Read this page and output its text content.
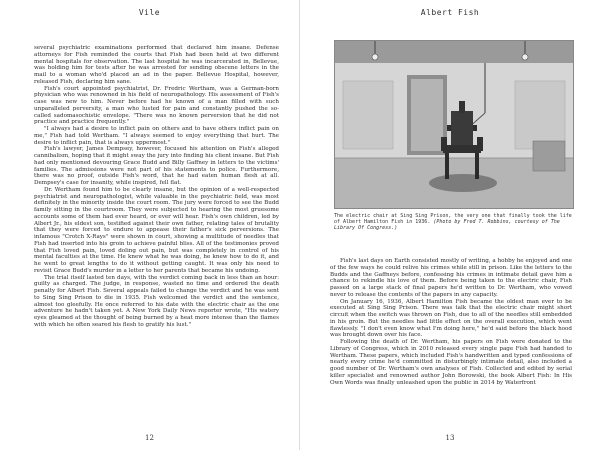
Vile

several psychiatric examinations performed that declared him insane. Defense attorneys for Fish reminded the courts that Fish had been held at two different mental hospitals for observation. The last hospital he was incarcerated in, Bellevue, was holding him for tests after he was arrested for sending obscene letters in the mail to a woman who'd placed an ad in the paper. Bellevue Hospital, however, released Fish, declaring him sane.

Fish's court appointed psychiatrist, Dr. Fredric Wertham, was a German-born physician who was renowned in his field of neuropathology. His assessment of Fish's case was new to him. Never before had he known of a man filled with such unparalleled perversity, a man who lusted for pain and constantly pushed the so-called sadomasochistic envelope. "There was no known perversion that he did not practice and practice frequently."

"I always had a desire to inflict pain on others and to have others inflict pain on me," Fish had told Wertham. "I always seemed to enjoy everything that hurt. The desire to inflict pain, that is always uppermost."

Fish's lawyer, James Dempsey, however, focused his attention on Fish's alleged cannibalism, hoping that it might sway the jury into finding his client insane. But Fish had only mentioned devouring Grace Budd and Billy Gaffney in letters to the victims' families. The admissions were not part of his statements to police. Furthermore, there was no proof, outside Fish's word, that he had eaten human flesh at all. Dempsey's case for insanity, while inspired, fell flat.

Dr. Wertham found him to be clearly insane, but the opinion of a well-respected psychiatrist and neuropathologist, while valuable in the psychiatric field, was most definitely in the minority inside the court room. The jury were forced to see the Budd family sitting in the courtroom. They were subjected to hearing the most gruesome accounts some of them had ever heard, or ever will hear. Fish's own children, led by Albert Jr., his eldest son, testified against their own father, relating tales of brutality that they were forced to endure to appease their father's sick perversions. The infamous "Crotch X-Rays" were shown in court, showing a multitude of needles that Fish had inserted into his groin to achieve painful bliss. All of the testimonies proved that Fish loved pain, loved doling out pain, but was completely in control of his mental faculties at the time. He knew what he was doing, he knew how to do it, and he went to great lengths to do it without getting caught. It was only his need to revisit Grace Budd's murder in a letter to her parents that became his undoing.

The trial itself lasted ten days, with the verdict coming back in less than an hour: guilty as charged. The judge, in response, wasted no time and ordered the death penalty for Albert Fish. Several appeals failed to change the verdict and he was sent to Sing Sing Prison to die in 1935. Fish welcomed the verdict and the sentence, almost too gleefully. He once referred to his date with the electric chair as the one adventure he hadn't taken yet. A New York Daily News reporter wrote, "His watery eyes gleamed at the thought of being burned by a heat more intense than the flames with which he often seared his flesh to gratify his lust."

12
Albert Fish
The electric chair at Sing Sing Prison, the very one that finally took the life of Albert Hamilton Fish in 1936. (Photo by Fred T. Robbins, courtesy of The Library Of Congress.)

Fish's last days on Earth consisted mostly of writing, a hobby he enjoyed and one of the few ways he could relive his crimes while still in prison. Like the letters to the Budds and the Gaffneys before, confessing his crimes in intimate detail gave him a chance to rekindle his love of them. Before being taken to the electric chair, Fish passed on a large stack of final papers he'd written to Dr. Wertham, who vowed never to release the contents of the papers in any capacity.

On January 16, 1936, Albert Hamilton Fish became the oldest man ever to be executed at Sing Sing Prison. There was talk that the electric chair might short circuit when the switch was thrown on Fish, due to all of the needles still embedded in his groin. But the needles had little effect on the overall execution, which went flawlessly. "I don't even know what I'm doing here," he'd said before the black hood was brought down over his face.

Following the death of Dr. Wertham, his papers on Fish were donated to the Library of Congress, which in 2010 released every single page Fish had handed to Wertham. These papers, which included Fish's handwritten and typed confessions of nearly every crime he'd committed in disturbingly intimate detail, also included a good number of Dr. Wertham's own analyses of Fish. Collected and edited by serial killer specialist and renowned author John Borowski, the book Albert Fish: In His Own Words was finally unleashed upon the public in 2014 by Waterfront

13
